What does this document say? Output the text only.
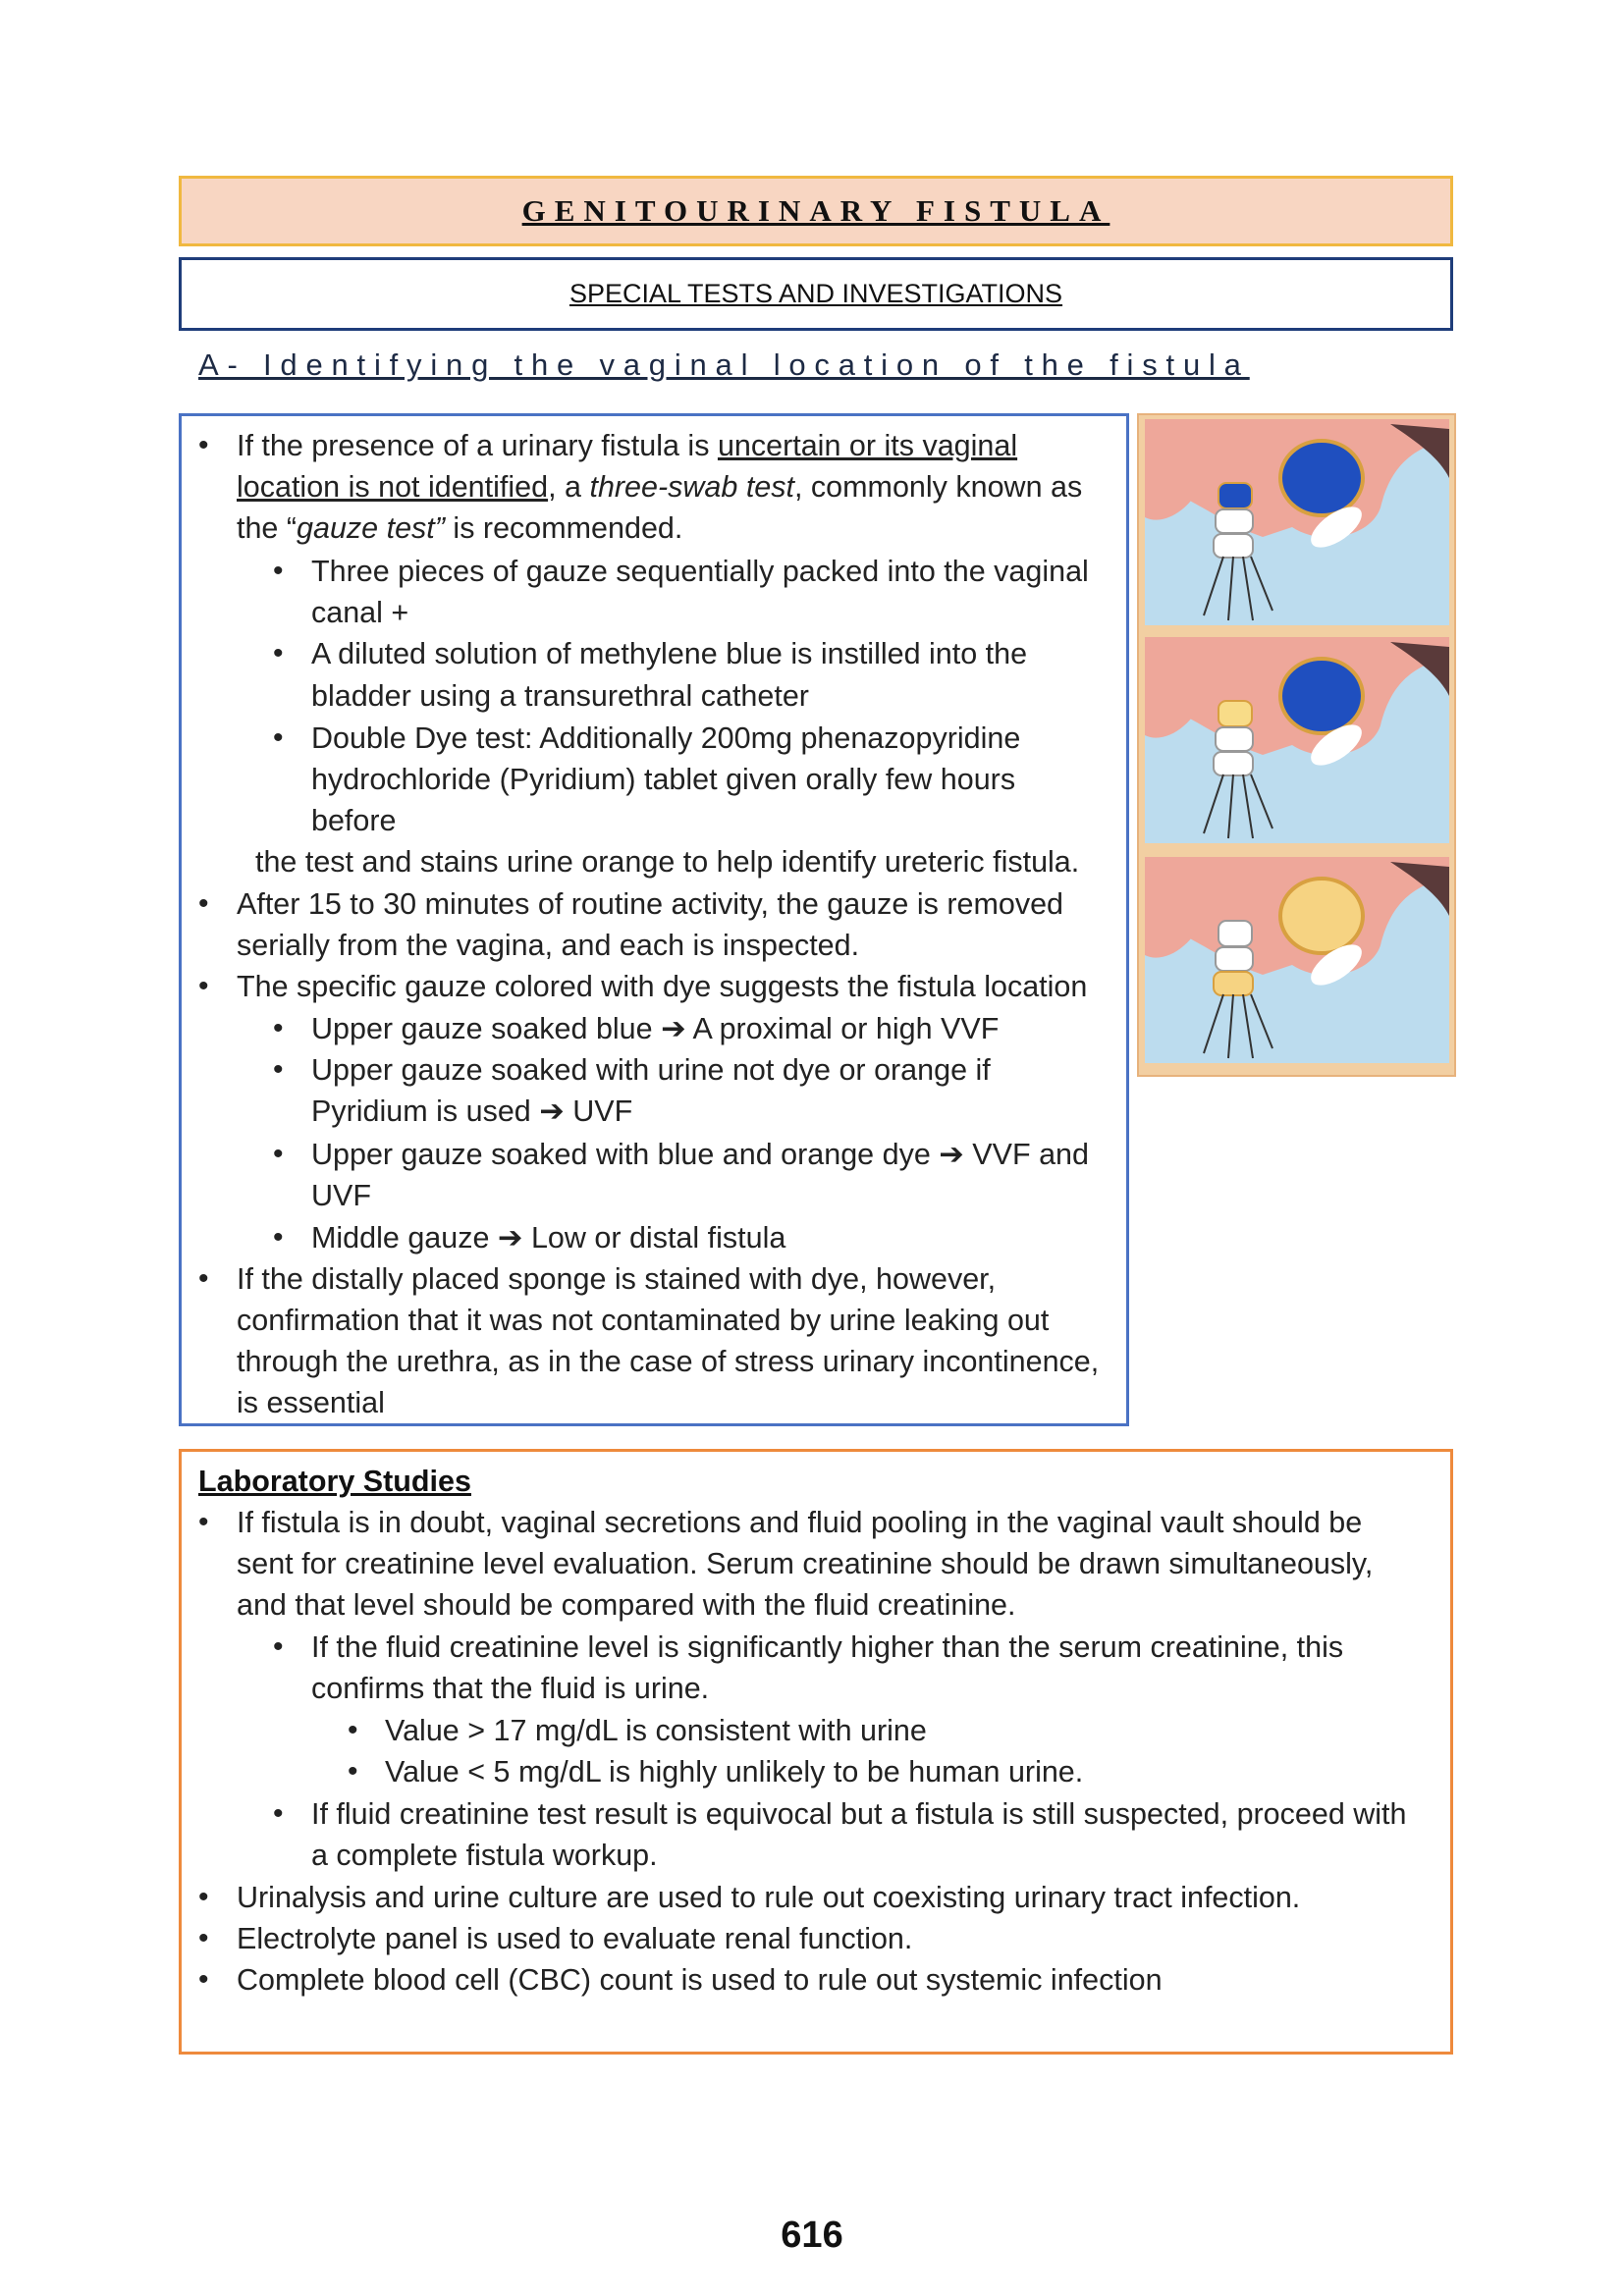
GENITOURINARY FISTULA
SPECIAL TESTS AND INVESTIGATIONS
A- Identifying the vaginal location of the fistula
• If the presence of a urinary fistula is uncertain or its vaginal
location is not identified, a three-swab test, commonly known as
the “gauze test” is recommended.
• Three pieces of gauze sequentially packed into the vaginal
canal +
• A diluted solution of methylene blue is instilled into the
bladder using a transurethral catheter
• Double Dye test: Additionally 200mg phenazopyridine
hydrochloride (Pyridium) tablet given orally few hours
before
the test and stains urine orange to help identify ureteric fistula.
• After 15 to 30 minutes of routine activity, the gauze is removed
serially from the vagina, and each is inspected.
• The specific gauze colored with dye suggests the fistula location
• Upper gauze soaked blue ➔ A proximal or high VVF
• Upper gauze soaked with urine not dye or orange if
Pyridium is used ➔ UVF
• Upper gauze soaked with blue and orange dye ➔ VVF and
UVF
• Middle gauze ➔ Low or distal fistula
• If the distally placed sponge is stained with dye, however,
confirmation that it was not contaminated by urine leaking out
through the urethra, as in the case of stress urinary incontinence,
is essential
Laboratory Studies
• If fistula is in doubt, vaginal secretions and fluid pooling in the vaginal vault should be
sent for creatinine level evaluation. Serum creatinine should be drawn simultaneously,
and that level should be compared with the fluid creatinine.
• If the fluid creatinine level is significantly higher than the serum creatinine, this
confirms that the fluid is urine.
• Value > 17 mg/dL is consistent with urine
• Value < 5 mg/dL is highly unlikely to be human urine.
• If fluid creatinine test result is equivocal but a fistula is still suspected, proceed with
a complete fistula workup.
• Urinalysis and urine culture are used to rule out coexisting urinary tract infection.
• Electrolyte panel is used to evaluate renal function.
• Complete blood cell (CBC) count is used to rule out systemic infection
616
